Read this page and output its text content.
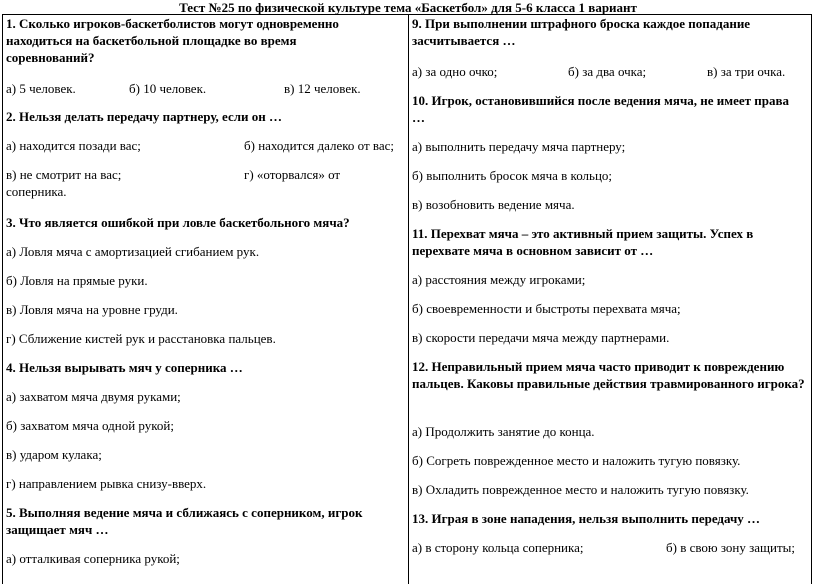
Тест №25 по физической культуре тема «Баскетбол» для 5-6 класса 1 вариант
1. Сколько игроков-баскетболистов могут одновременно находиться на баскетбольной площадке во время соревнований?
а) 5 человек.	б) 10 человек.	в) 12 человек.
2. Нельзя делать передачу партнеру, если он …
а) находится позади вас;	б) находится далеко от вас;
в) не смотрит на вас;	г) «оторвался» от соперника.
3. Что является ошибкой при ловле баскетбольного мяча?
а) Ловля мяча с амортизацией сгибанием рук.
б) Ловля на прямые руки.
в) Ловля мяча на уровне груди.
г) Сближение кистей рук и расстановка пальцев.
4. Нельзя вырывать мяч у соперника …
а) захватом мяча двумя руками;
б) захватом мяча одной рукой;
в) ударом кулака;
г) направлением рывка снизу-вверх.
5. Выполняя ведение мяча и сближаясь с соперником, игрок защищает мяч …
а) отталкивая соперника рукой;
9. При выполнении штрафного броска каждое попадание засчитывается …
а) за одно очко;	б) за два очка;	в) за три очка.
10. Игрок, остановившийся после ведения мяча, не имеет права …
а) выполнить передачу мяча партнеру;
б) выполнить бросок мяча в кольцо;
в) возобновить ведение мяча.
11. Перехват мяча – это активный прием защиты. Успех в перехвате мяча в основном зависит от …
а) расстояния между игроками;
б) своевременности и быстроты перехвата мяча;
в) скорости передачи мяча между партнерами.
12. Неправильный прием мяча часто приводит к повреждению пальцев. Каковы правильные действия травмированного игрока?
а) Продолжить занятие до конца.
б) Согреть поврежденное место и наложить тугую повязку.
в) Охладить поврежденное место и наложить тугую повязку.
13. Играя в зоне нападения, нельзя выполнить передачу …
а) в сторону кольца соперника;	б) в свою зону защиты;
